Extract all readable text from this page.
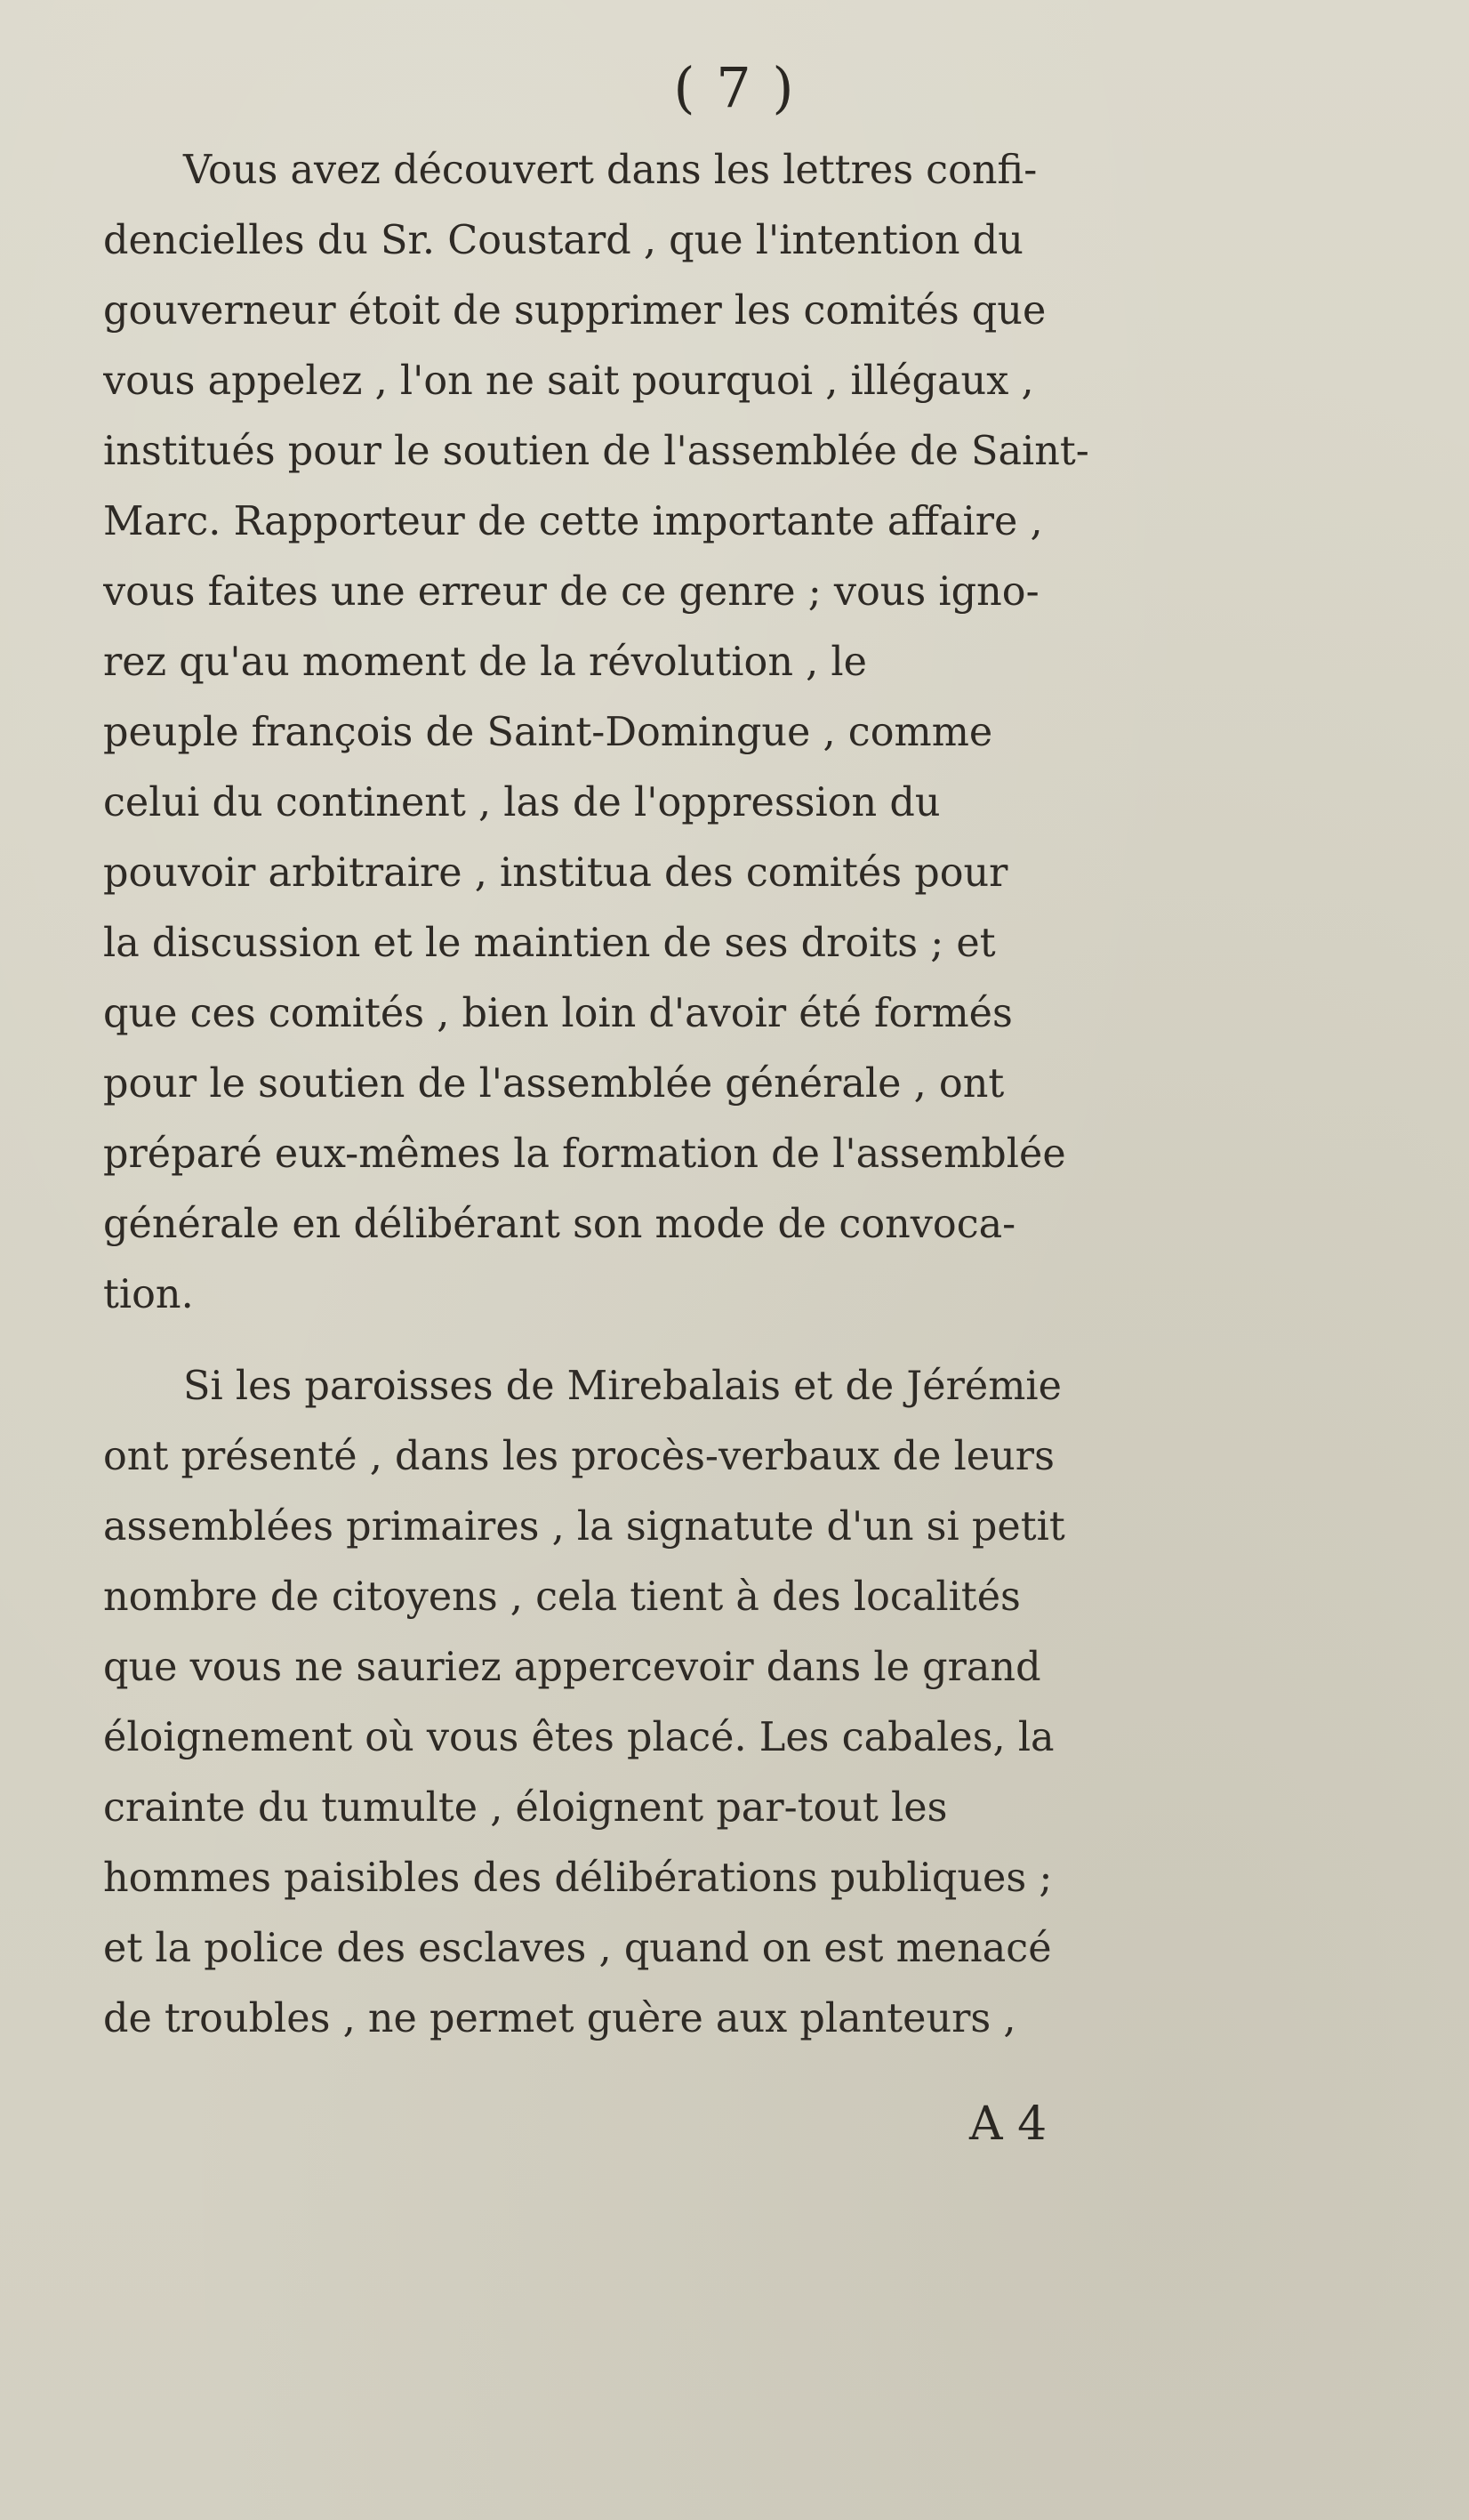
( 7 )
Vous avez découvert dans les lettres confi-
dencielles du Sr. Coustard , que l'intention du
gouverneur étoit de supprimer les comités que
vous appelez , l'on ne sait pourquoi , illégaux ,
institués pour le soutien de l'assemblée de Saint-
Marc. Rapporteur de cette importante affaire ,
vous faites une erreur de ce genre ; vous igno-
rez qu'au moment de la révolution , le
peuple françois de Saint-Domingue , comme
celui du continent , las de l'oppression du
pouvoir arbitraire , institua des comités pour
la discussion et le maintien de ses droits ; et
que ces comités , bien loin d'avoir été formés
pour le soutien de l'assemblée générale , ont
préparé eux-mêmes la formation de l'assemblée
générale en délibérant son mode de convoca-
tion.
Si les paroisses de Mirebalais et de Jérémie
ont présenté , dans les procès-verbaux de leurs
assemblées primaires , la signatute d'un si petit
nombre de citoyens , cela tient à des localités
que vous ne sauriez appercevoir dans le grand
éloignement où vous êtes placé. Les cabales, la
crainte du tumulte , éloignent par-tout les
hommes paisibles des délibérations publiques ;
et la police des esclaves , quand on est menacé
de troubles , ne permet guère aux planteurs ,
A 4
